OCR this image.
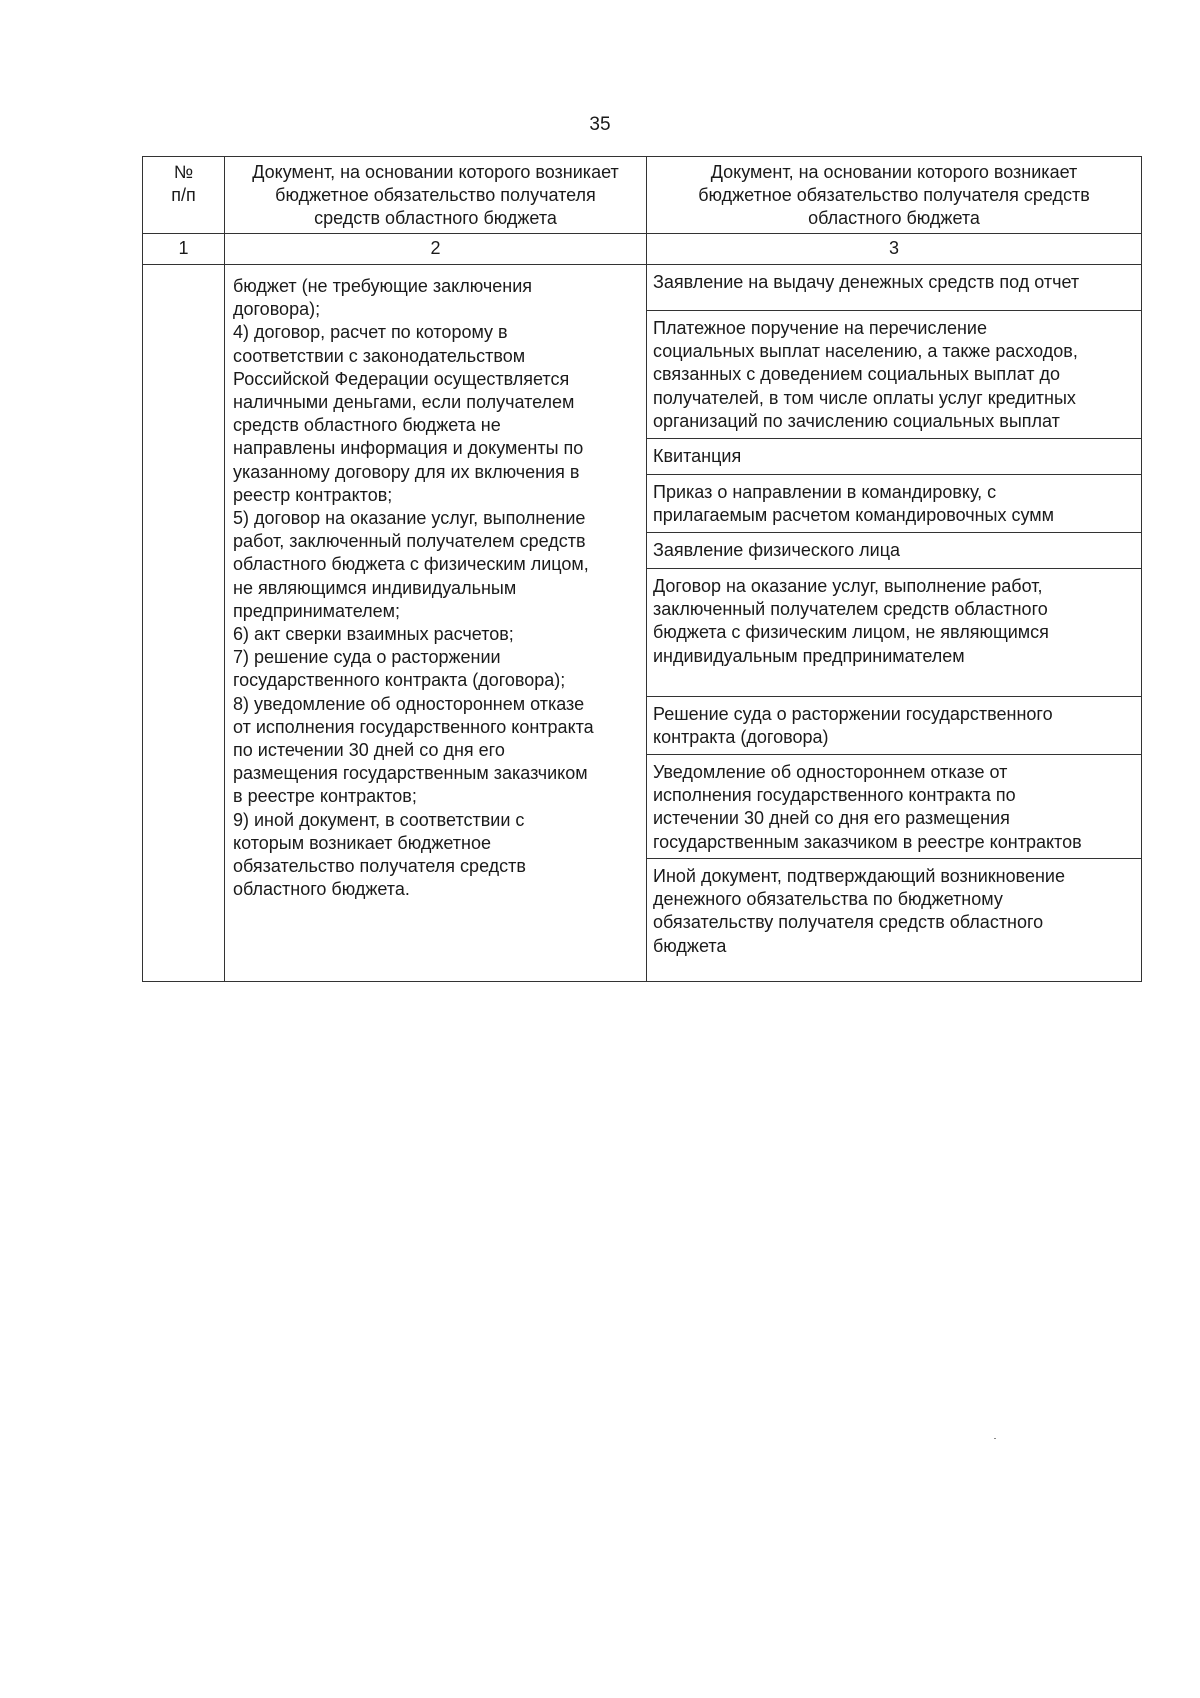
35
№
п/п
Документ, на основании которого возникает
бюджетное обязательство получателя
средств областного бюджета
Документ, на основании которого возникает
бюджетное обязательство получателя средств
областного бюджета
1	2	3
бюджет (не требующие заключения
договора);
4) договор, расчет по которому в
соответствии с законодательством
Российской Федерации осуществляется
наличными деньгами, если получателем
средств областного бюджета не
направлены информация и документы по
указанному договору для их включения в
реестр контрактов;
5) договор на оказание услуг, выполнение
работ, заключенный получателем средств
областного бюджета с физическим лицом,
не являющимся индивидуальным
предпринимателем;
6) акт сверки взаимных расчетов;
7) решение суда о расторжении
государственного контракта (договора);
8) уведомление об одностороннем отказе
от исполнения государственного контракта
по истечении 30 дней со дня его
размещения государственным заказчиком
в реестре контрактов;
9) иной документ, в соответствии с
которым возникает бюджетное
обязательство получателя средств
областного бюджета.
Заявление на выдачу денежных средств под отчет
Платежное поручение на перечисление
социальных выплат населению, а также расходов,
связанных с доведением социальных выплат до
получателей, в том числе оплаты услуг кредитных
организаций по зачислению социальных выплат
Квитанция
Приказ о направлении в командировку, с
прилагаемым расчетом командировочных сумм
Заявление физического лица
Договор на оказание услуг, выполнение работ,
заключенный получателем средств областного
бюджета с физическим лицом, не являющимся
индивидуальным предпринимателем
Решение суда о расторжении государственного
контракта (договора)
Уведомление об одностороннем отказе от
исполнения государственного контракта по
истечении 30 дней со дня его размещения
государственным заказчиком в реестре контрактов
Иной документ, подтверждающий возникновение
денежного обязательства по бюджетному
обязательству получателя средств областного
бюджета
